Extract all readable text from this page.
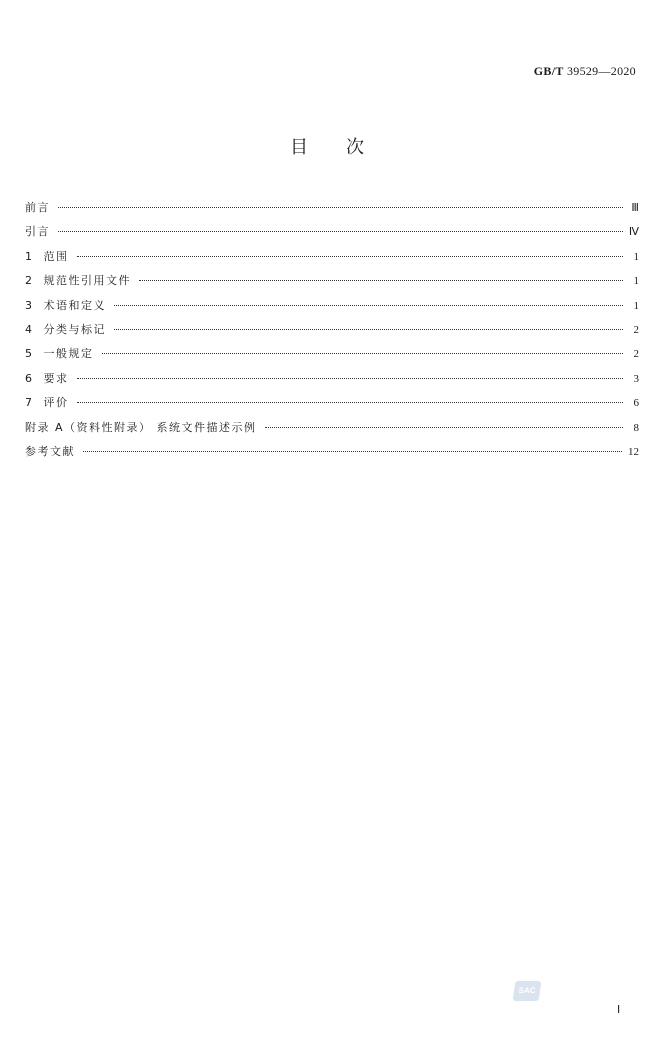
GB/T 39529—2020
目次
前言	Ⅲ
引言	Ⅳ
1  范围	1
2  规范性引用文件	1
3  术语和定义	1
4  分类与标记	2
5  一般规定	2
6  要求	3
7  评价	6
附录 A（资料性附录） 系统文件描述示例	8
参考文献	12
SAC
Ⅰ
